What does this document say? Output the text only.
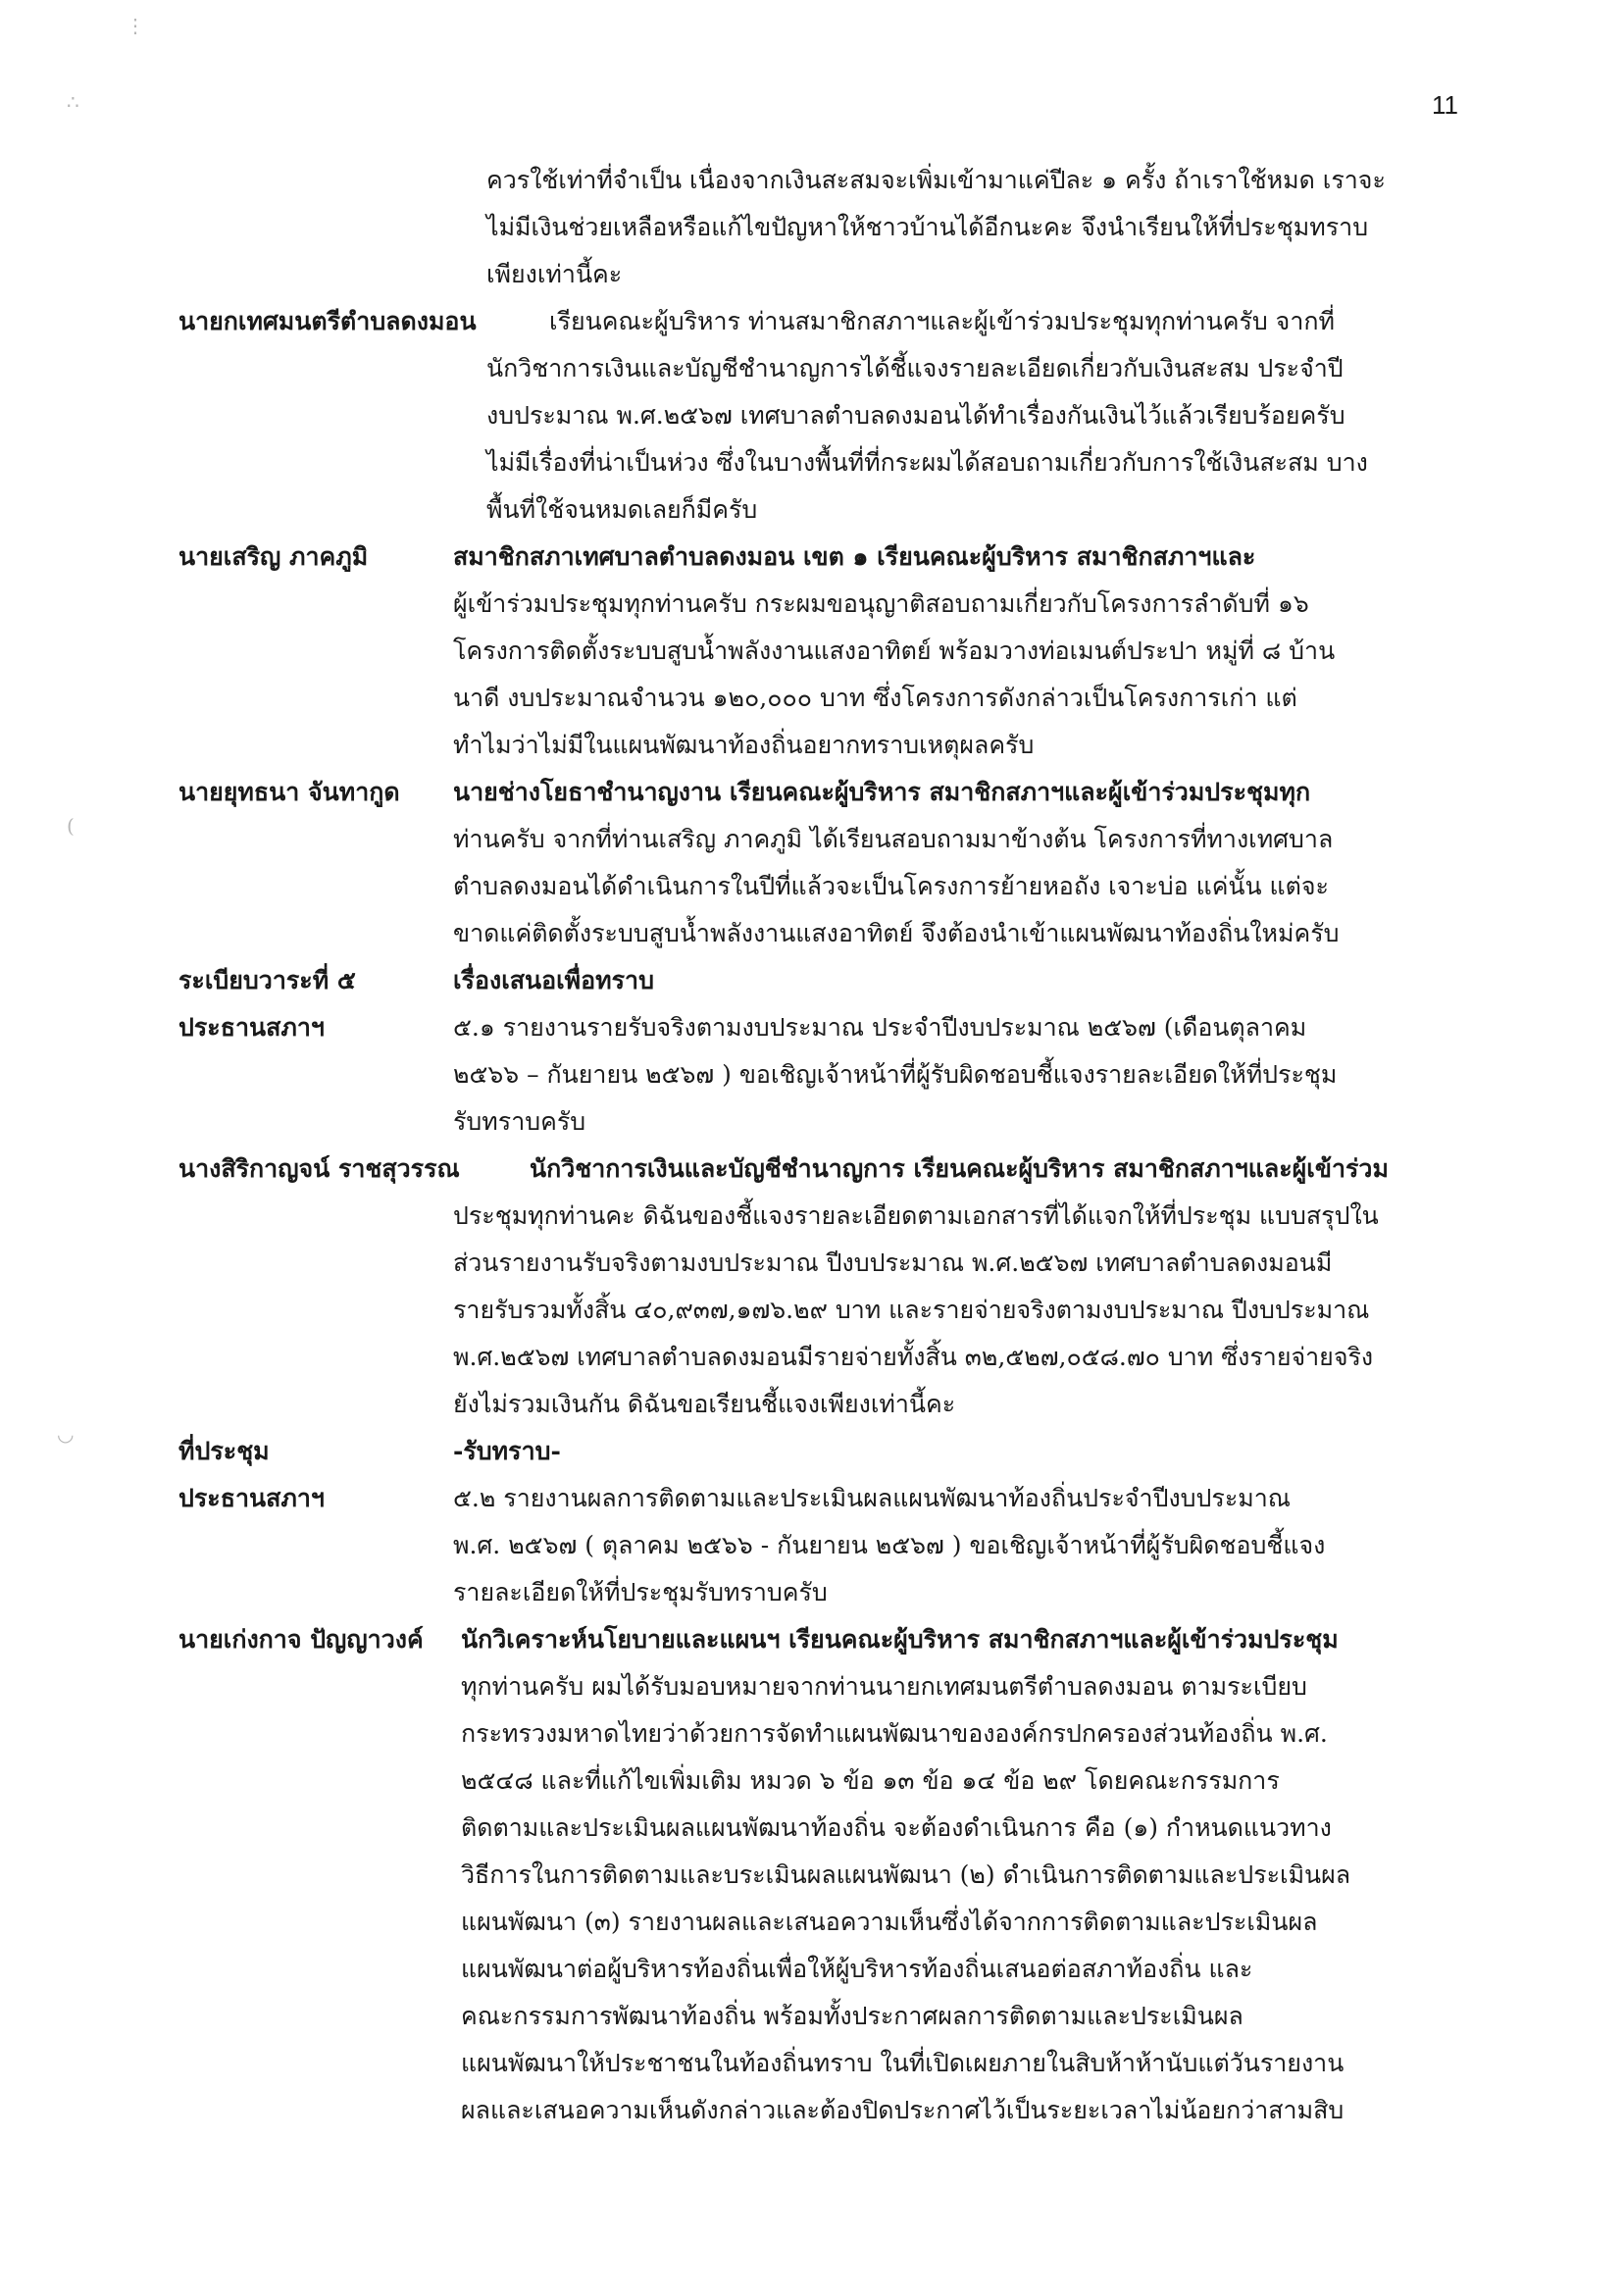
⋮
∴
(
◡
11
ควรใช้เท่าที่จำเป็น เนื่องจากเงินสะสมจะเพิ่มเข้ามาแค่ปีละ ๑ ครั้ง ถ้าเราใช้หมด เราจะ
ไม่มีเงินช่วยเหลือหรือแก้ไขปัญหาให้ชาวบ้านได้อีกนะคะ จึงนำเรียนให้ที่ประชุมทราบ
เพียงเท่านี้คะ
นายกเทศมนตรีตำบลดงมอน	เรียนคณะผู้บริหาร ท่านสมาชิกสภาฯและผู้เข้าร่วมประชุมทุกท่านครับ จากที่
นักวิชาการเงินและบัญชีชำนาญการได้ชี้แจงรายละเอียดเกี่ยวกับเงินสะสม ประจำปี
งบประมาณ พ.ศ.๒๕๖๗ เทศบาลตำบลดงมอนได้ทำเรื่องกันเงินไว้แล้วเรียบร้อยครับ
ไม่มีเรื่องที่น่าเป็นห่วง ซึ่งในบางพื้นที่ที่กระผมได้สอบถามเกี่ยวกับการใช้เงินสะสม บาง
พื้นที่ใช้จนหมดเลยก็มีครับ
นายเสริญ ภาคภูมิ	สมาชิกสภาเทศบาลตำบลดงมอน เขต ๑ เรียนคณะผู้บริหาร สมาชิกสภาฯและ
ผู้เข้าร่วมประชุมทุกท่านครับ กระผมขอนุญาติสอบถามเกี่ยวกับโครงการลำดับที่ ๑๖
โครงการติดตั้งระบบสูบน้ำพลังงานแสงอาทิตย์ พร้อมวางท่อเมนต์ประปา หมู่ที่ ๘ บ้าน
นาดี งบประมาณจำนวน ๑๒๐,๐๐๐ บาท ซึ่งโครงการดังกล่าวเป็นโครงการเก่า แต่
ทำไมว่าไม่มีในแผนพัฒนาท้องถิ่นอยากทราบเหตุผลครับ
นายยุทธนา จันทากูด	นายช่างโยธาชำนาญงาน เรียนคณะผู้บริหาร สมาชิกสภาฯและผู้เข้าร่วมประชุมทุก
ท่านครับ จากที่ท่านเสริญ ภาคภูมิ ได้เรียนสอบถามมาข้างต้น โครงการที่ทางเทศบาล
ตำบลดงมอนได้ดำเนินการในปีที่แล้วจะเป็นโครงการย้ายหอถัง เจาะบ่อ แค่นั้น แต่จะ
ขาดแค่ติดตั้งระบบสูบน้ำพลังงานแสงอาทิตย์ จึงต้องนำเข้าแผนพัฒนาท้องถิ่นใหม่ครับ
ระเบียบวาระที่ ๕	เรื่องเสนอเพื่อทราบ
ประธานสภาฯ	๕.๑ รายงานรายรับจริงตามงบประมาณ ประจำปีงบประมาณ ๒๕๖๗ (เดือนตุลาคม
๒๕๖๖ – กันยายน ๒๕๖๗ ) ขอเชิญเจ้าหน้าที่ผู้รับผิดชอบชี้แจงรายละเอียดให้ที่ประชุม
รับทราบครับ
นางสิริกาญจน์ ราชสุวรรณ	นักวิชาการเงินและบัญชีชำนาญการ เรียนคณะผู้บริหาร สมาชิกสภาฯและผู้เข้าร่วม
ประชุมทุกท่านคะ ดิฉันของชี้แจงรายละเอียดตามเอกสารที่ได้แจกให้ที่ประชุม แบบสรุปใน
ส่วนรายงานรับจริงตามงบประมาณ ปีงบประมาณ พ.ศ.๒๕๖๗ เทศบาลตำบลดงมอนมี
รายรับรวมทั้งสิ้น ๔๐,๙๓๗,๑๗๖.๒๙ บาท และรายจ่ายจริงตามงบประมาณ ปีงบประมาณ
พ.ศ.๒๕๖๗ เทศบาลตำบลดงมอนมีรายจ่ายทั้งสิ้น ๓๒,๕๒๗,๐๕๘.๗๐ บาท ซึ่งรายจ่ายจริง
ยังไม่รวมเงินกัน ดิฉันขอเรียนชี้แจงเพียงเท่านี้คะ
ที่ประชุม	-รับทราบ-
ประธานสภาฯ	๕.๒ รายงานผลการติดตามและประเมินผลแผนพัฒนาท้องถิ่นประจำปีงบประมาณ
พ.ศ. ๒๕๖๗ ( ตุลาคม ๒๕๖๖ - กันยายน ๒๕๖๗ ) ขอเชิญเจ้าหน้าที่ผู้รับผิดชอบชี้แจง
รายละเอียดให้ที่ประชุมรับทราบครับ
นายเก่งกาจ ปัญญาวงค์ นักวิเคราะห์นโยบายและแผนฯ เรียนคณะผู้บริหาร สมาชิกสภาฯและผู้เข้าร่วมประชุม
ทุกท่านครับ ผมได้รับมอบหมายจากท่านนายกเทศมนตรีตำบลดงมอน ตามระเบียบ
กระทรวงมหาดไทยว่าด้วยการจัดทำแผนพัฒนาขององค์กรปกครองส่วนท้องถิ่น พ.ศ.
๒๕๔๘ และที่แก้ไขเพิ่มเติม หมวด ๖ ข้อ ๑๓ ข้อ ๑๔ ข้อ ๒๙ โดยคณะกรรมการ
ติดตามและประเมินผลแผนพัฒนาท้องถิ่น จะต้องดำเนินการ คือ (๑) กำหนดแนวทาง
วิธีการในการติดตามและบระเมินผลแผนพัฒนา (๒) ดำเนินการติดตามและประเมินผล
แผนพัฒนา (๓) รายงานผลและเสนอความเห็นซึ่งได้จากการติดตามและประเมินผล
แผนพัฒนาต่อผู้บริหารท้องถิ่นเพื่อให้ผู้บริหารท้องถิ่นเสนอต่อสภาท้องถิ่น และ
คณะกรรมการพัฒนาท้องถิ่น พร้อมทั้งประกาศผลการติดตามและประเมินผล
แผนพัฒนาให้ประชาชนในท้องถิ่นทราบ ในที่เปิดเผยภายในสิบห้าห้านับแต่วันรายงาน
ผลและเสนอความเห็นดังกล่าวและต้องปิดประกาศไว้เป็นระยะเวลาไม่น้อยกว่าสามสิบ
